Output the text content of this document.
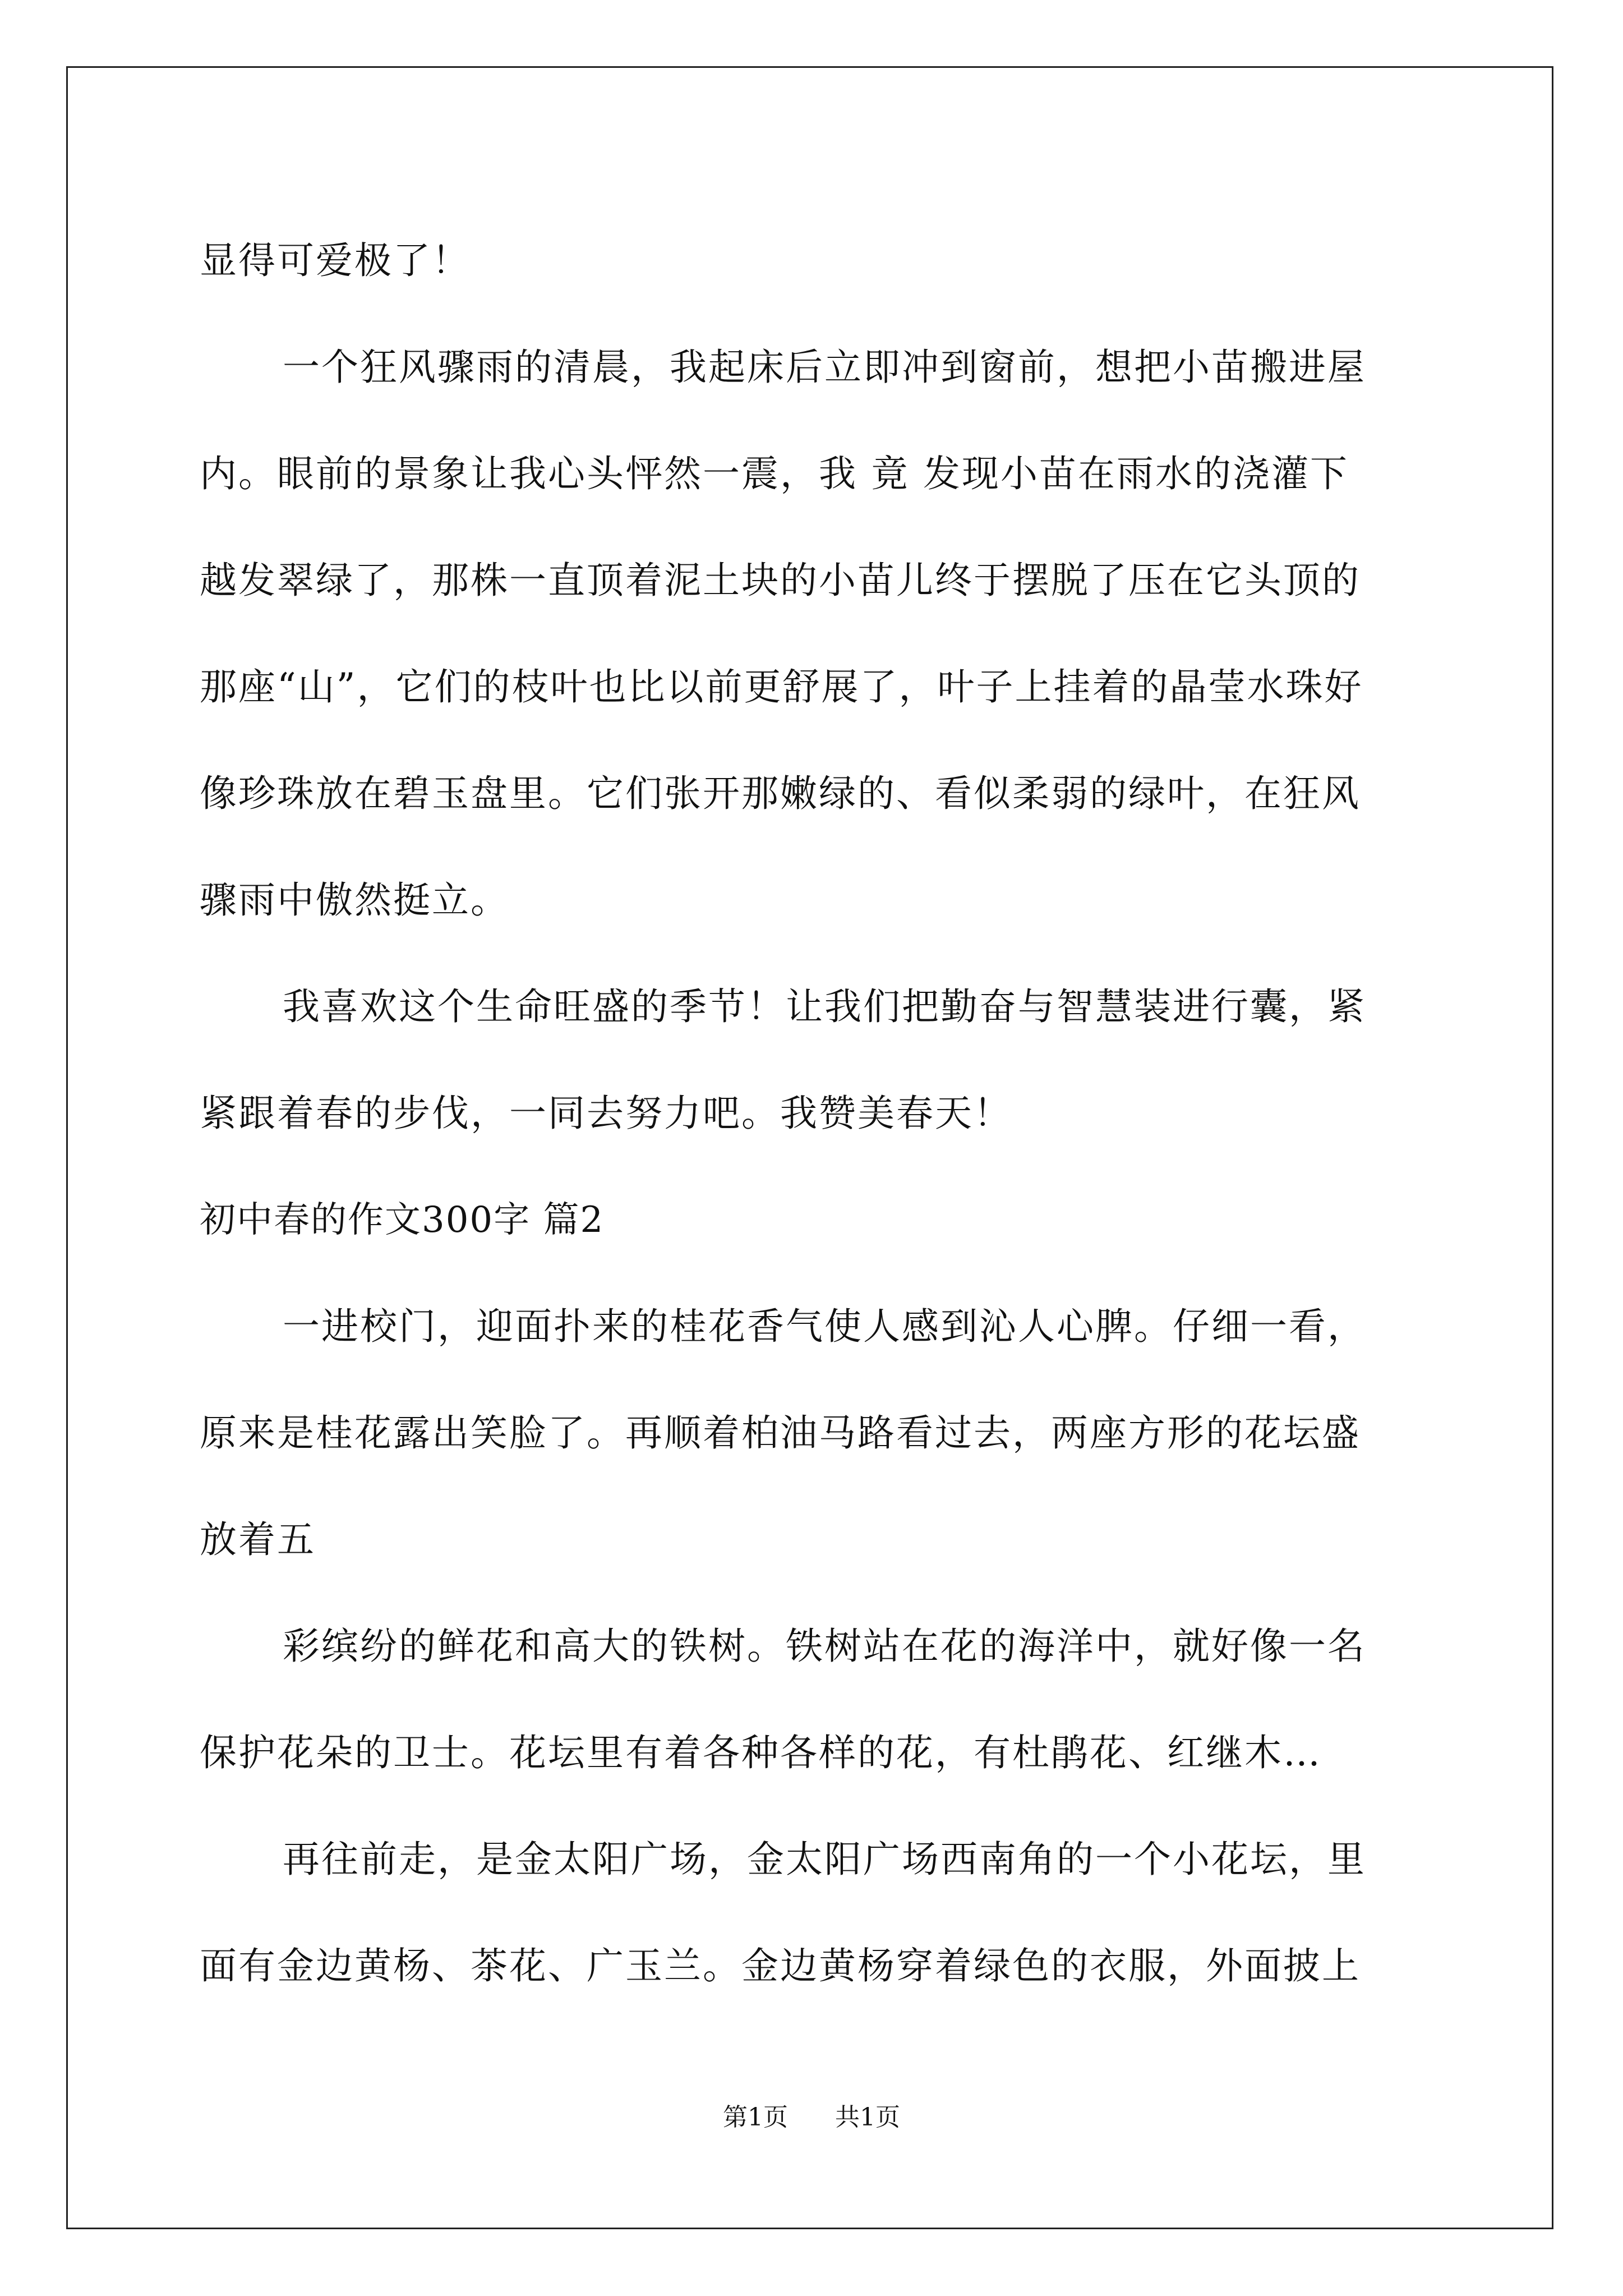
显得可爱极了！
一个狂风骤雨的清晨，我起床后立即冲到窗前，想把小苗搬进屋
内。眼前的景象让我心头怦然一震，我 竟 发现小苗在雨水的浇灌下
越发翠绿了，那株一直顶着泥土块的小苗儿终于摆脱了压在它头顶的
那座“山”，它们的枝叶也比以前更舒展了，叶子上挂着的晶莹水珠好
像珍珠放在碧玉盘里。它们张开那嫩绿的、看似柔弱的绿叶，在狂风
骤雨中傲然挺立。
我喜欢这个生命旺盛的季节！让我们把勤奋与智慧装进行囊，紧
紧跟着春的步伐，一同去努力吧。我赞美春天！
初中春的作文300字 篇2
一进校门，迎面扑来的桂花香气使人感到沁人心脾。仔细一看，
原来是桂花露出笑脸了。再顺着柏油马路看过去，两座方形的花坛盛
放着五
彩缤纷的鲜花和高大的铁树。铁树站在花的海洋中，就好像一名
保护花朵的卫士。花坛里有着各种各样的花，有杜鹃花、红继木…
再往前走，是金太阳广场，金太阳广场西南角的一个小花坛，里
面有金边黄杨、茶花、广玉兰。金边黄杨穿着绿色的衣服，外面披上
第1页 共1页
